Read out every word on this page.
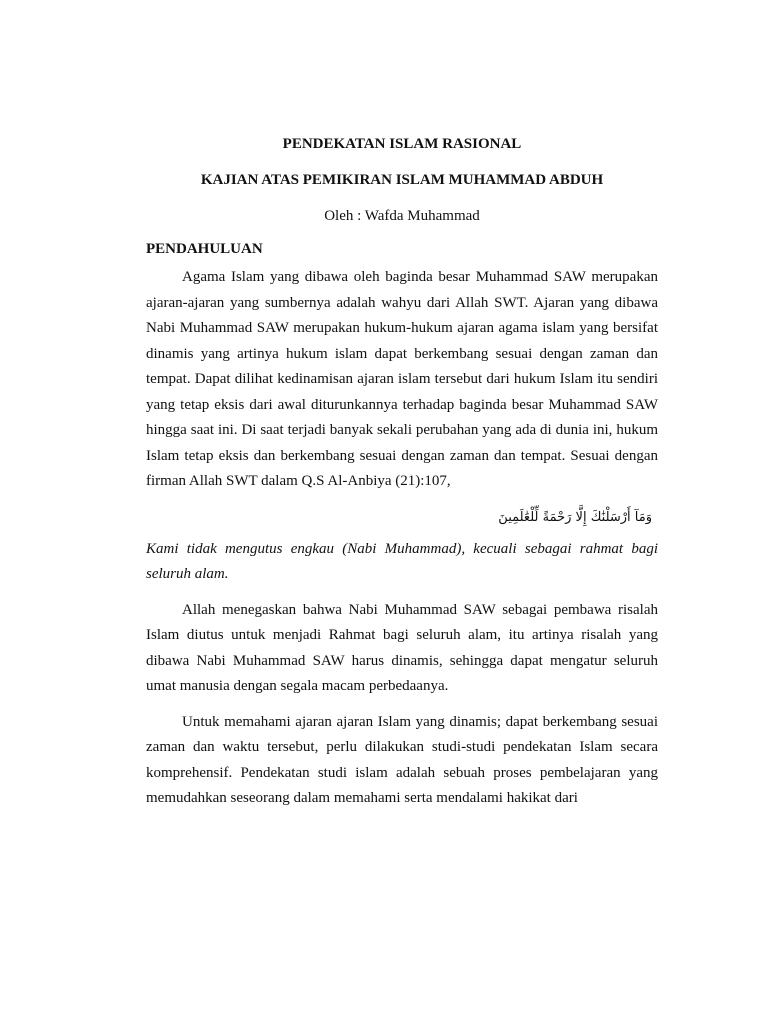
PENDEKATAN ISLAM RASIONAL
KAJIAN ATAS PEMIKIRAN ISLAM MUHAMMAD ABDUH
Oleh : Wafda Muhammad
PENDAHULUAN

Agama Islam yang dibawa oleh baginda besar Muhammad SAW merupakan ajaran-ajaran yang sumbernya adalah wahyu dari Allah SWT. Ajaran yang dibawa Nabi Muhammad SAW merupakan hukum-hukum ajaran agama islam yang bersifat dinamis yang artinya hukum islam dapat berkembang sesuai dengan zaman dan tempat. Dapat dilihat kedinamisan ajaran islam tersebut dari hukum Islam itu sendiri yang tetap eksis dari awal diturunkannya terhadap baginda besar Muhammad SAW hingga saat ini. Di saat terjadi banyak sekali perubahan yang ada di dunia ini, hukum Islam tetap eksis dan berkembang sesuai dengan zaman dan tempat. Sesuai dengan firman Allah SWT dalam Q.S Al-Anbiya (21):107,

وَمَآ أَرْسَلْنَٰكَ إِلَّا رَحْمَةً لِّلْعَٰلَمِينَ

Kami tidak mengutus engkau (Nabi Muhammad), kecuali sebagai rahmat bagi seluruh alam.

Allah menegaskan bahwa Nabi Muhammad SAW sebagai pembawa risalah Islam diutus untuk menjadi Rahmat bagi seluruh alam, itu artinya risalah yang dibawa Nabi Muhammad SAW harus dinamis, sehingga dapat mengatur seluruh umat manusia dengan segala macam perbedaanya.

Untuk memahami ajaran ajaran Islam yang dinamis; dapat berkembang sesuai zaman dan waktu tersebut, perlu dilakukan studi-studi pendekatan Islam secara komprehensif. Pendekatan studi islam adalah sebuah proses pembelajaran yang memudahkan seseorang dalam memahami serta mendalami hakikat dari
